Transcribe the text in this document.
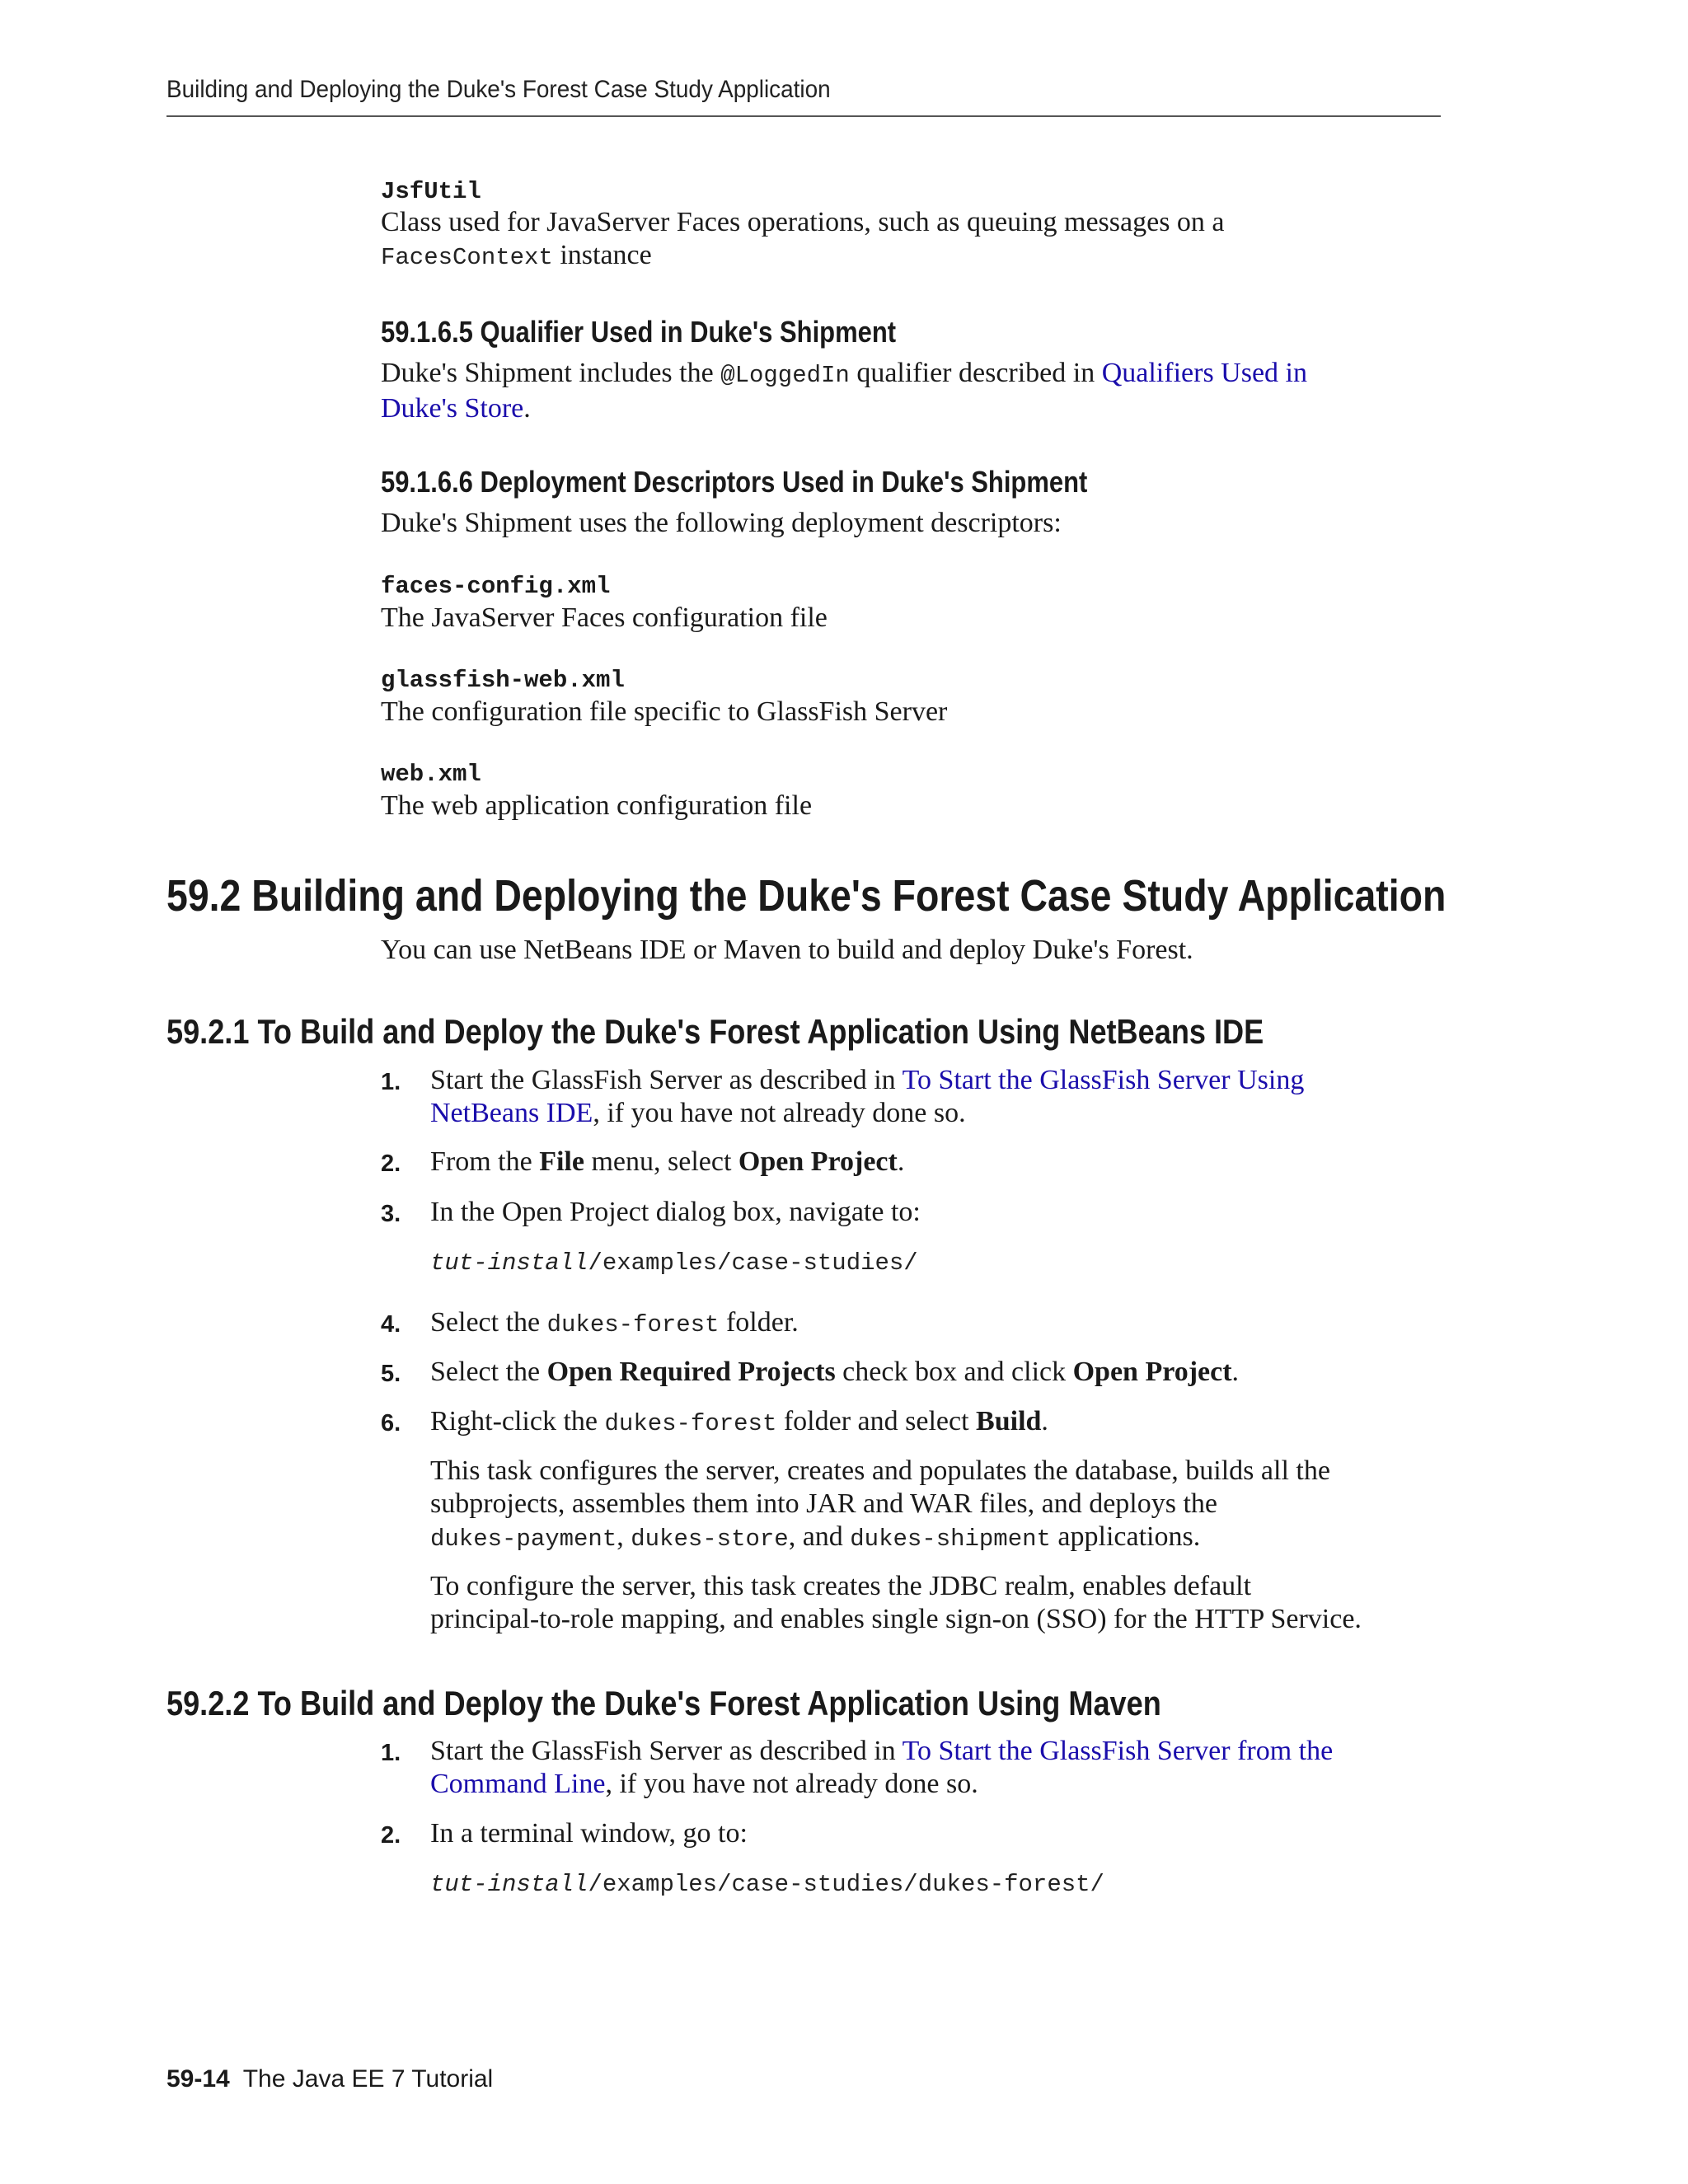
Building and Deploying the Duke's Forest Case Study Application
JsfUtil
Class used for JavaServer Faces operations, such as queuing messages on a
FacesContext instance
59.1.6.5 Qualifier Used in Duke's Shipment
Duke's Shipment includes the @LoggedIn qualifier described in Qualifiers Used in
Duke's Store.
59.1.6.6 Deployment Descriptors Used in Duke's Shipment
Duke's Shipment uses the following deployment descriptors:
faces-config.xml
The JavaServer Faces configuration file
glassfish-web.xml
The configuration file specific to GlassFish Server
web.xml
The web application configuration file
59.2 Building and Deploying the Duke's Forest Case Study Application
You can use NetBeans IDE or Maven to build and deploy Duke's Forest.
59.2.1 To Build and Deploy the Duke's Forest Application Using NetBeans IDE
1.	Start the GlassFish Server as described in To Start the GlassFish Server Using
NetBeans IDE, if you have not already done so.
2.	From the File menu, select Open Project.
3.	In the Open Project dialog box, navigate to:
tut-install/examples/case-studies/
4.	Select the dukes-forest folder.
5.	Select the Open Required Projects check box and click Open Project.
6.	Right-click the dukes-forest folder and select Build.
This task configures the server, creates and populates the database, builds all the
subprojects, assembles them into JAR and WAR files, and deploys the
dukes-payment, dukes-store, and dukes-shipment applications.
To configure the server, this task creates the JDBC realm, enables default
principal-to-role mapping, and enables single sign-on (SSO) for the HTTP Service.
59.2.2 To Build and Deploy the Duke's Forest Application Using Maven
1.	Start the GlassFish Server as described in To Start the GlassFish Server from the
Command Line, if you have not already done so.
2.	In a terminal window, go to:
tut-install/examples/case-studies/dukes-forest/
59-14 The Java EE 7 Tutorial
